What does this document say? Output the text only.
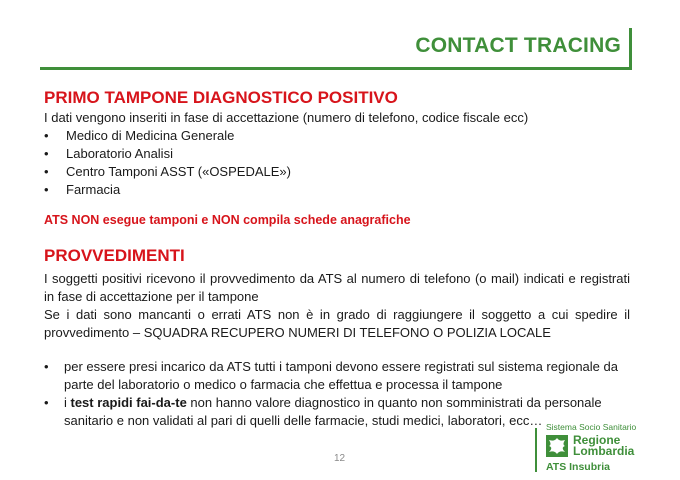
CONTACT TRACING
PRIMO TAMPONE DIAGNOSTICO POSITIVO
I dati vengono inseriti in fase di accettazione (numero di telefono, codice fiscale ecc)
• Medico di Medicina Generale
• Laboratorio Analisi
• Centro Tamponi ASST («OSPEDALE»)
• Farmacia
ATS NON esegue tamponi e NON compila schede anagrafiche
PROVVEDIMENTI
I soggetti positivi ricevono il provvedimento da ATS al numero di telefono (o mail) indicati e registrati in fase di accettazione per il tampone
Se i dati sono mancanti o errati ATS non è in grado di raggiungere il soggetto a cui spedire il provvedimento – SQUADRA RECUPERO NUMERI DI TELEFONO O POLIZIA LOCALE
• per essere presi incarico da ATS tutti i tamponi devono essere registrati sul sistema regionale da parte del laboratorio o medico o farmacia che effettua e processa il tampone
• i test rapidi fai-da-te non hanno valore diagnostico in quanto non somministrati da personale sanitario e non validati al pari di quelli delle farmacie, studi medici, laboratori, ecc…
12
Sistema Socio Sanitario
Regione
Lombardia
ATS Insubria
